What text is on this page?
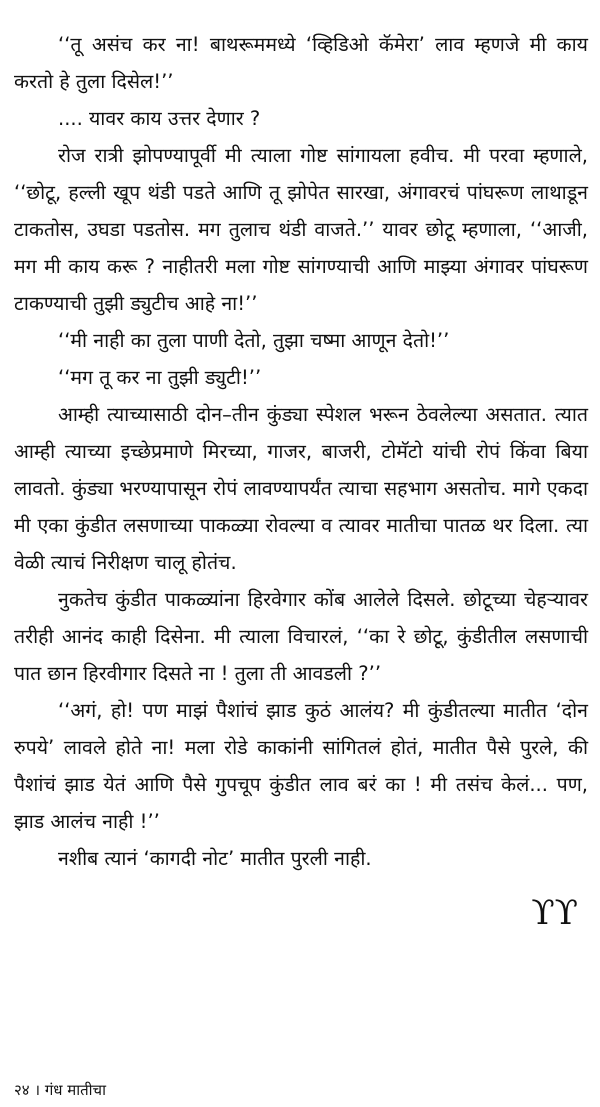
‘‘तू असंच कर ना! बाथरूममध्ये ‘व्हिडिओ कॅमेरा’ लाव म्हणजे मी काय करतो हे तुला दिसेल!’’

.... यावर काय उत्तर देणार ?

रोज रात्री झोपण्यापूर्वी मी त्याला गोष्ट सांगायला हवीच. मी परवा म्हणाले, ‘‘छोटू, हल्ली खूप थंडी पडते आणि तू झोपेत सारखा, अंगावरचं पांघरूण लाथाडून टाकतोस, उघडा पडतोस. मग तुलाच थंडी वाजते.’’ यावर छोटू म्हणाला, ‘‘आजी, मग मी काय करू ? नाहीतरी मला गोष्ट सांगण्याची आणि माझ्या अंगावर पांघरूण टाकण्याची तुझी ड्युटीच आहे ना!’’

‘‘मी नाही का तुला पाणी देतो, तुझा चष्मा आणून देतो!’’

‘‘मग तू कर ना तुझी ड्युटी!’’

आम्ही त्याच्यासाठी दोन–तीन कुंड्या स्पेशल भरून ठेवलेल्या असतात. त्यात आम्ही त्याच्या इच्छेप्रमाणे मिरच्या, गाजर, बाजरी, टोमॅटो यांची रोपं किंवा बिया लावतो. कुंड्या भरण्यापासून रोपं लावण्यापर्यंत त्याचा सहभाग असतोच. मागे एकदा मी एका कुंडीत लसणाच्या पाकळ्या रोवल्या व त्यावर मातीचा पातळ थर दिला. त्या वेळी त्याचं निरीक्षण चालू होतंच.

नुकतेच कुंडीत पाकळ्यांना हिरवेगार कोंब आलेले दिसले. छोटूच्या चेहऱ्यावर तरीही आनंद काही दिसेना. मी त्याला विचारलं, ‘‘का रे छोटू, कुंडीतील लसणाची पात छान हिरवीगार दिसते ना ! तुला ती आवडली ?’’

‘‘अगं, हो! पण माझं पैशांचं झाड कुठं आलंय? मी कुंडीतल्या मातीत ‘दोन रुपये’ लावले होते ना! मला रोडे काकांनी सांगितलं होतं, मातीत पैसे पुरले, की पैशांचं झाड येतं आणि पैसे गुपचूप कुंडीत लाव बरं का ! मी तसंच केलं... पण, झाड आलंच नाही !’’

नशीब त्यानं ‘कागदी नोट’ मातीत पुरली नाही.

ϒϒ
२४ । गंध मातीचा
